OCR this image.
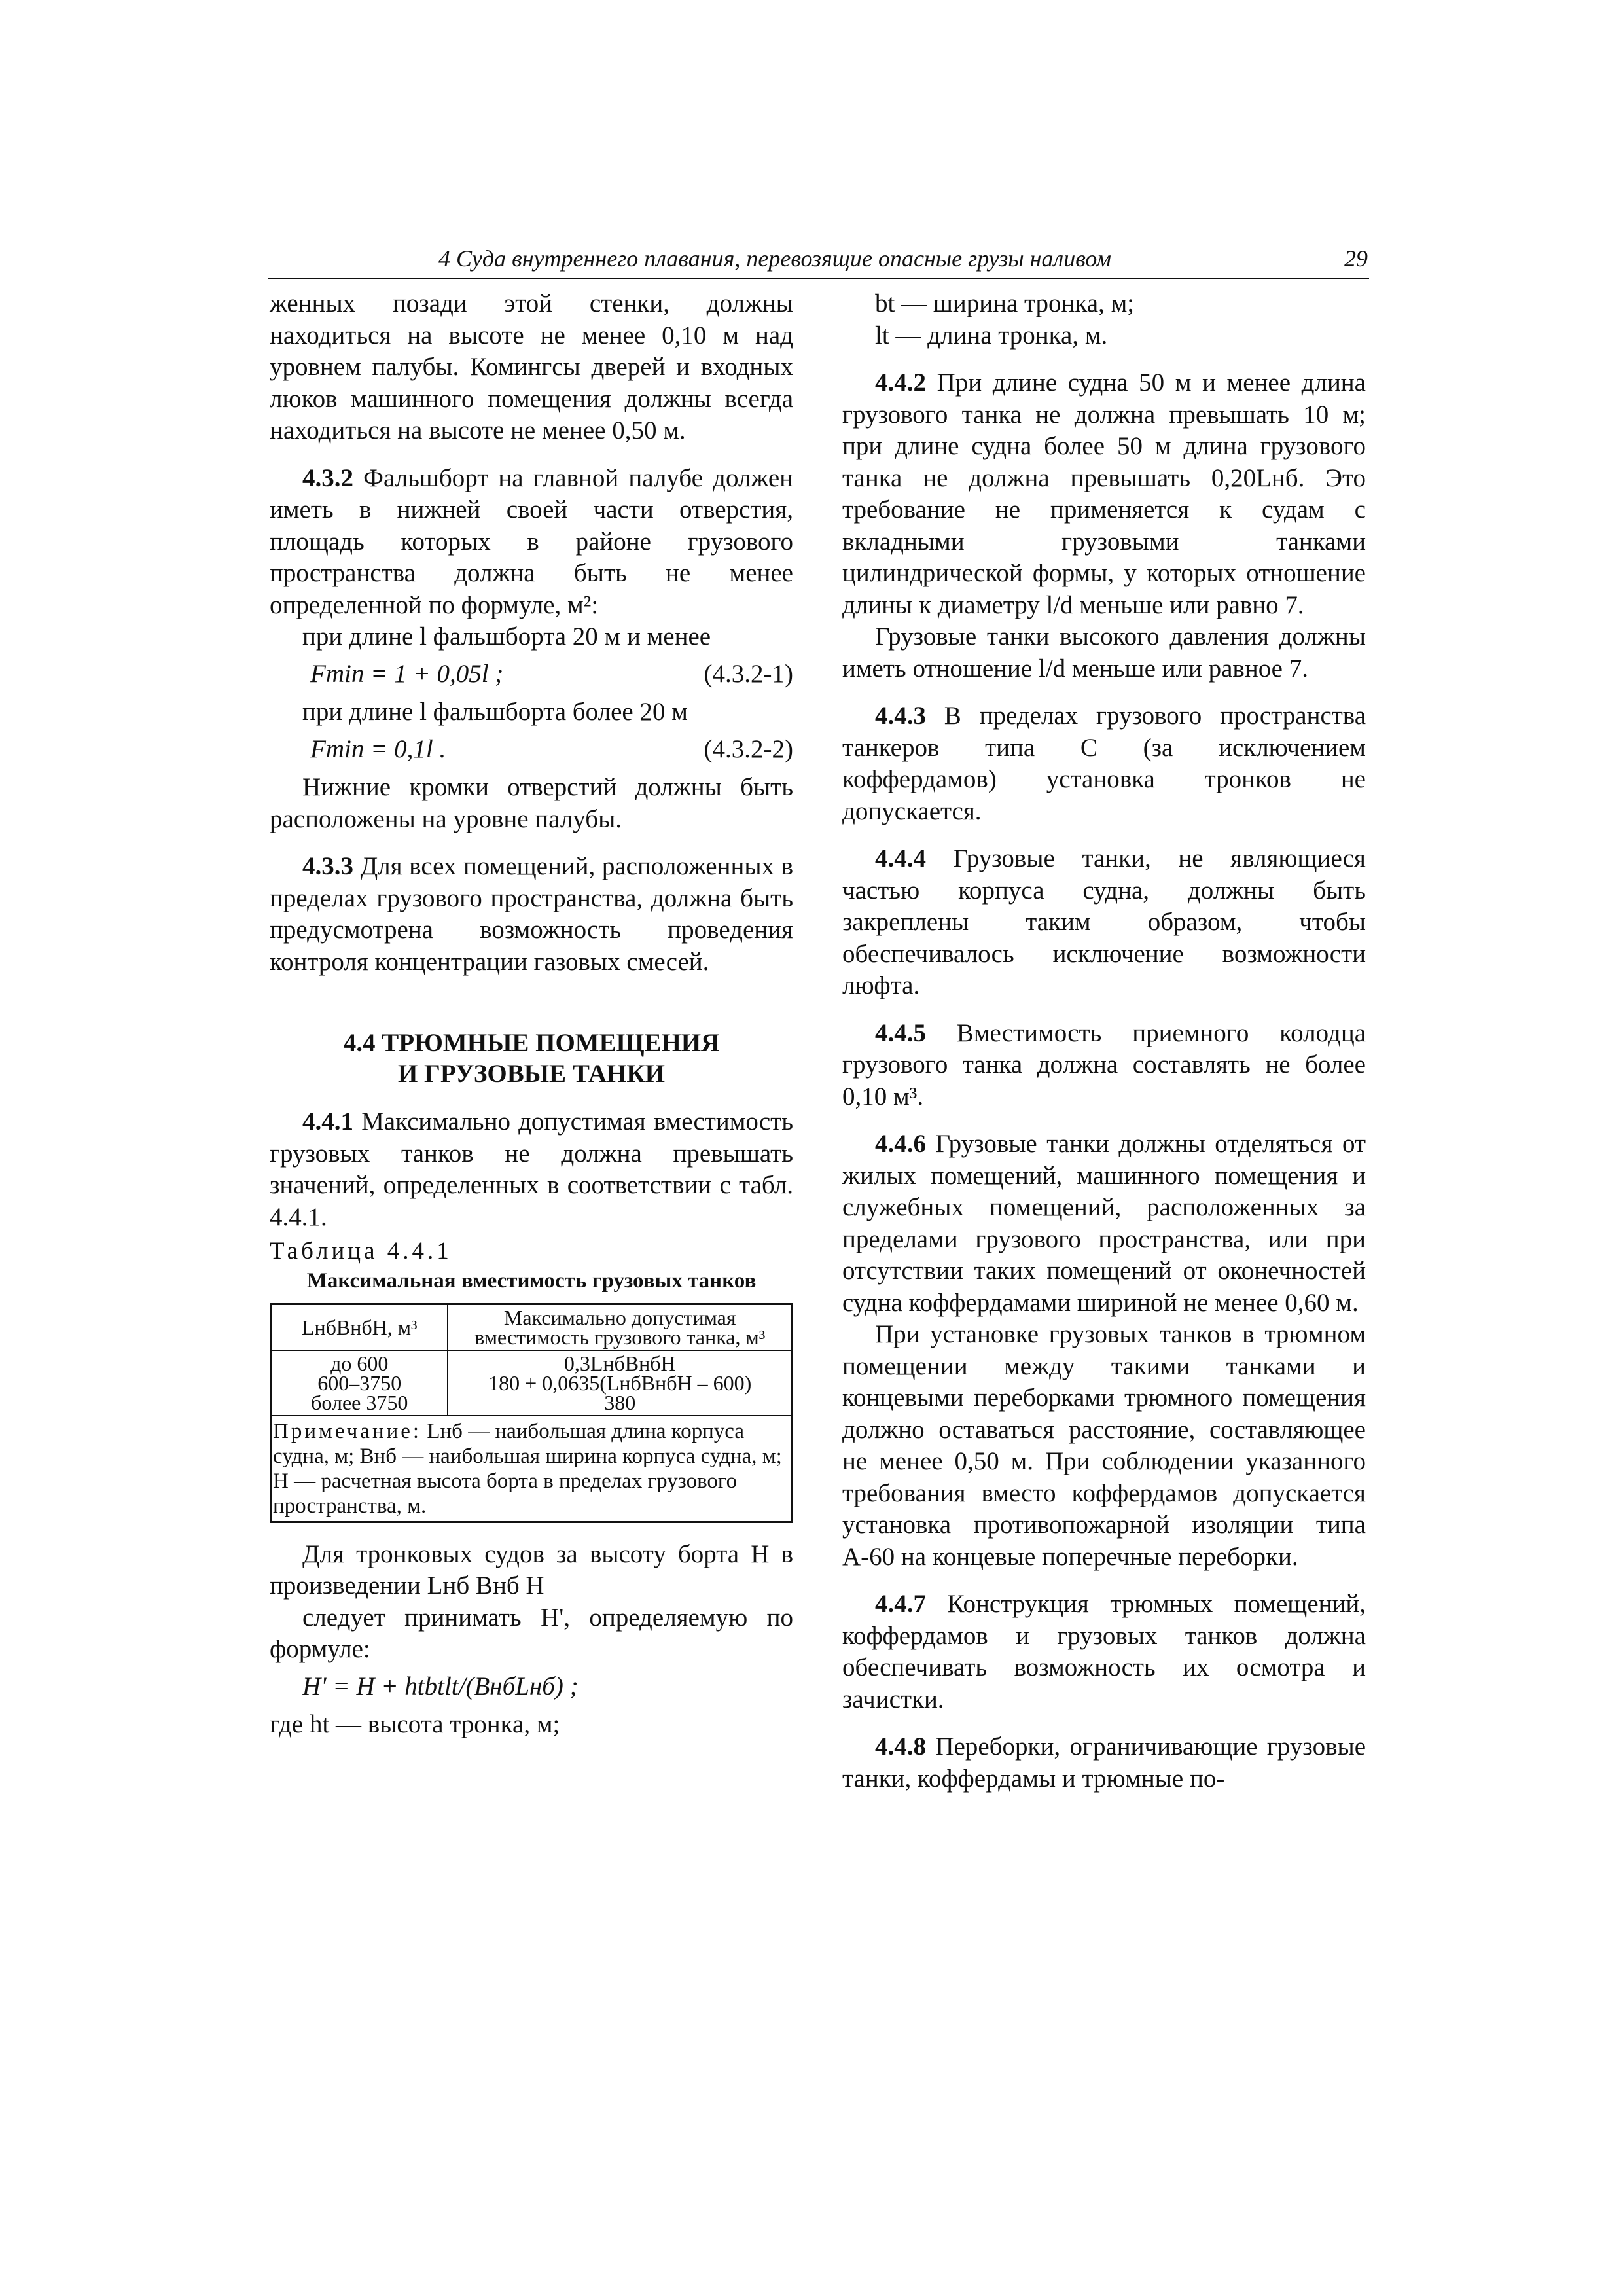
4 Суда внутреннего плавания, перевозящие опасные грузы наливом	29

женных позади этой стенки, должны находиться на высоте не менее 0,10 м над уровнем палубы. Комингсы дверей и входных люков машинного помещения должны всегда находиться на высоте не менее 0,50 м.

4.3.2 Фальшборт на главной палубе должен иметь в нижней своей части отверстия, площадь которых в районе грузового пространства должна быть не менее определенной по формуле, м²:

при длине l фальшборта 20 м и менее

Fmin = 1 + 0,05l ;	(4.3.2-1)

при длине l фальшборта более 20 м

Fmin = 0,1l .	(4.3.2-2)

Нижние кромки отверстий должны быть расположены на уровне палубы.

4.3.3 Для всех помещений, расположенных в пределах грузового пространства, должна быть предусмотрена возможность проведения контроля концентрации газовых смесей.

4.4 ТРЮМНЫЕ ПОМЕЩЕНИЯ
И ГРУЗОВЫЕ ТАНКИ

4.4.1 Максимально допустимая вместимость грузовых танков не должна превышать значений, определенных в соответствии с табл. 4.4.1.

Таблица 4.4.1

Максимальная вместимость грузовых танков

LнбBнбH, м³	Максимально допустимая вместимость грузового танка, м³
до 600	0,3LнбBнбH
600–3750	180 + 0,0635(LнбBнбH – 600)
более 3750	380
Примечание: Lнб — наибольшая длина корпуса судна, м; Bнб — наибольшая ширина корпуса судна, м; H — расчетная высота борта в пределах грузового пространства, м.	

Для тронковых судов за высоту борта H в произведении Lнб Bнб H

следует принимать H', определяемую по формуле:

H' = H + htbtlt/(BнбLнб) ;

где ht — высота тронка, м;

bt — ширина тронка, м;

lt — длина тронка, м.

4.4.2 При длине судна 50 м и менее длина грузового танка не должна превышать 10 м; при длине судна более 50 м длина грузового танка не должна превышать 0,20Lнб. Это требование не применяется к судам с вкладными грузовыми танками цилиндрической формы, у которых отношение длины к диаметру l/d меньше или равно 7.

Грузовые танки высокого давления должны иметь отношение l/d меньше или равное 7.

4.4.3 В пределах грузового пространства танкеров типа С (за исключением коффердамов) установка тронков не допускается.

4.4.4 Грузовые танки, не являющиеся частью корпуса судна, должны быть закреплены таким образом, чтобы обеспечивалось исключение возможности люфта.

4.4.5 Вместимость приемного колодца грузового танка должна составлять не более 0,10 м³.

4.4.6 Грузовые танки должны отделяться от жилых помещений, машинного помещения и служебных помещений, расположенных за пределами грузового пространства, или при отсутствии таких помещений от оконечностей судна коффердамами шириной не менее 0,60 м.

При установке грузовых танков в трюмном помещении между такими танками и концевыми переборками трюмного помещения должно оставаться расстояние, составляющее не менее 0,50 м. При соблюдении указанного требования вместо коффердамов допускается установка противопожарной изоляции типа А-60 на концевые поперечные переборки.

4.4.7 Конструкция трюмных помещений, коффердамов и грузовых танков должна обеспечивать возможность их осмотра и зачистки.

4.4.8 Переборки, ограничивающие грузовые танки, коффердамы и трюмные по-
